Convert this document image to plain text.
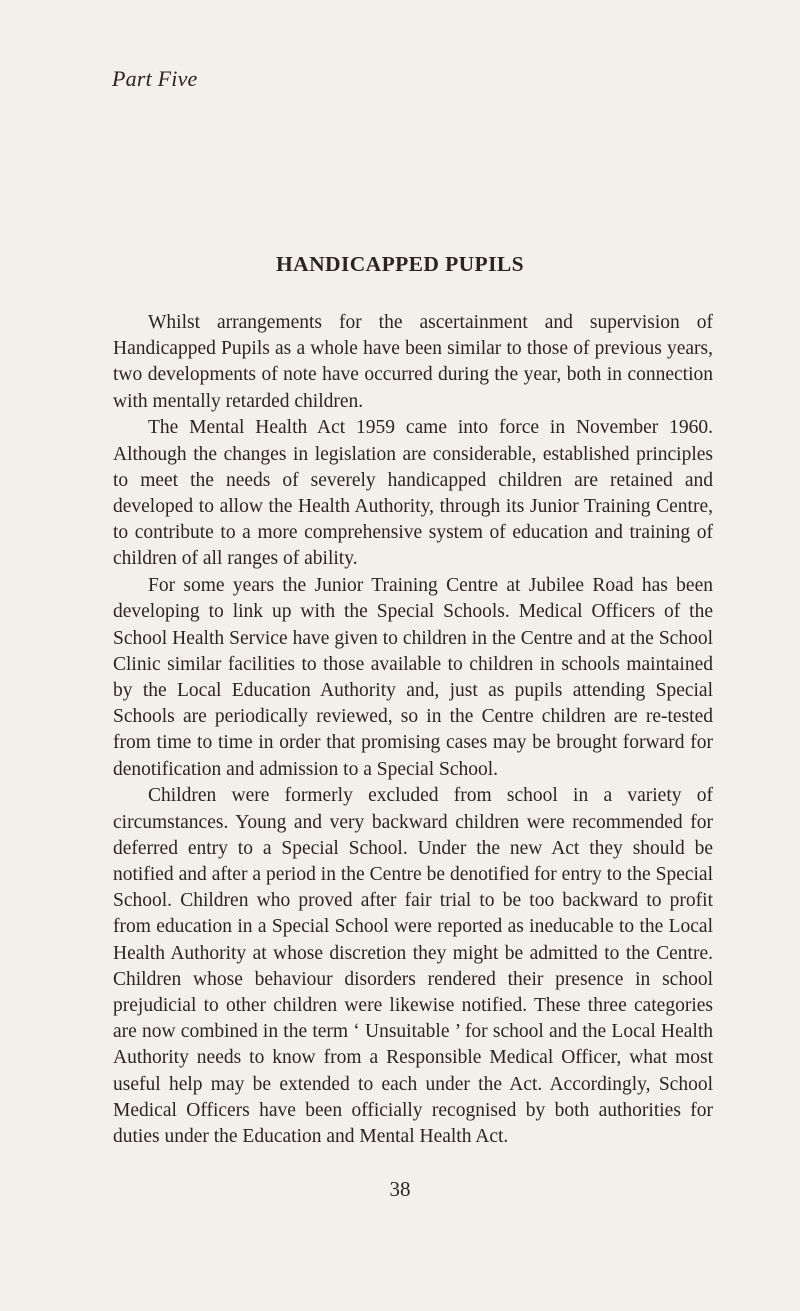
Part Five
HANDICAPPED PUPILS

Whilst arrangements for the ascertainment and supervision of Handicapped Pupils as a whole have been similar to those of previous years, two developments of note have occurred during the year, both in connection with mentally retarded children.

The Mental Health Act 1959 came into force in November 1960. Although the changes in legislation are considerable, established principles to meet the needs of severely handicapped children are retained and developed to allow the Health Authority, through its Junior Training Centre, to contribute to a more comprehensive system of education and training of children of all ranges of ability.

For some years the Junior Training Centre at Jubilee Road has been developing to link up with the Special Schools. Medical Officers of the School Health Service have given to children in the Centre and at the School Clinic similar facilities to those available to children in schools maintained by the Local Education Authority and, just as pupils attending Special Schools are periodically reviewed, so in the Centre children are re-tested from time to time in order that promising cases may be brought forward for denotification and admission to a Special School.

Children were formerly excluded from school in a variety of circumstances. Young and very backward children were recommended for deferred entry to a Special School. Under the new Act they should be notified and after a period in the Centre be denotified for entry to the Special School. Children who proved after fair trial to be too backward to profit from education in a Special School were reported as ineducable to the Local Health Authority at whose discretion they might be admitted to the Centre. Children whose behaviour disorders rendered their presence in school prejudicial to other children were likewise notified. These three categories are now combined in the term ‘ Unsuitable ’ for school and the Local Health Authority needs to know from a Responsible Medical Officer, what most useful help may be extended to each under the Act. Accordingly, School Medical Officers have been officially recognised by both authorities for duties under the Education and Mental Health Act.

38
